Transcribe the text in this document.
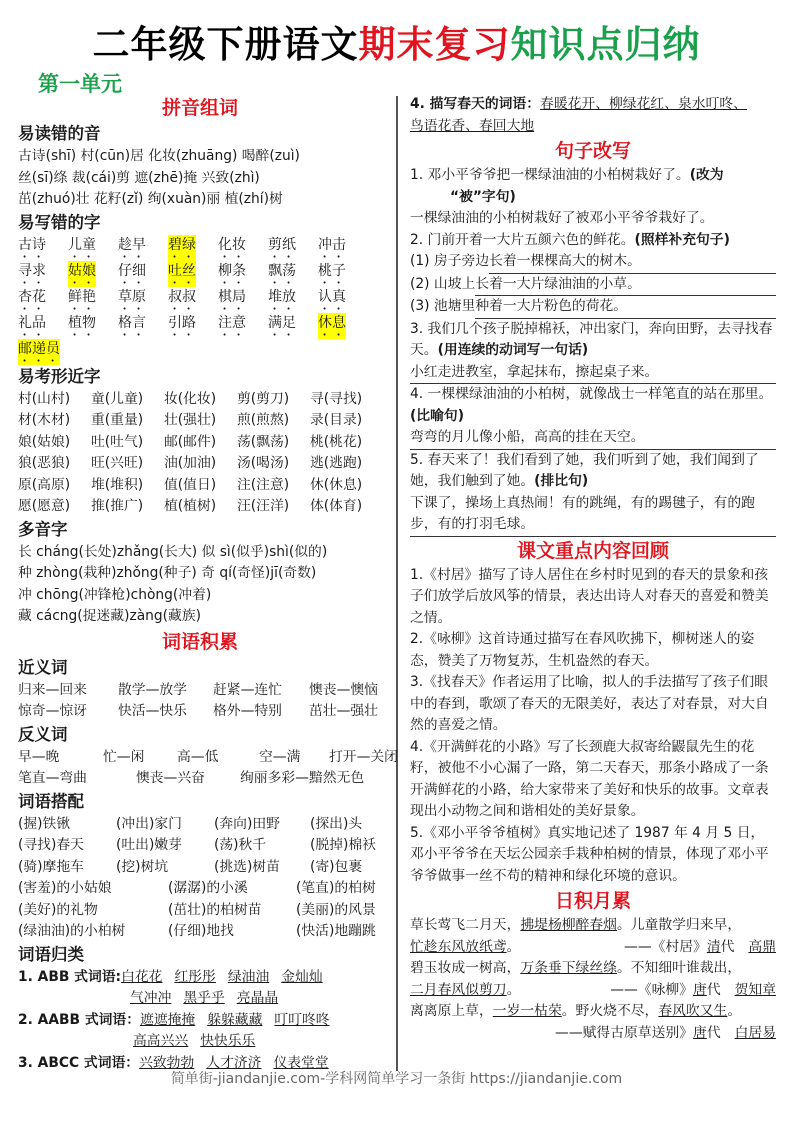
二年级下册语文期末复习知识点归纳
第一单元
拼音组词
易读错的音
古诗(shī) 村(cūn)居 化妆(zhuāng) 喝醉(zuì)
丝(sī)绦 裁(cái)剪 遮(zhē)掩 兴致(zhì)
茁(zhuó)壮 花籽(zǐ) 绚(xuàn)丽 植(zhí)树
易写错的字
古诗	儿童	趁早	碧绿	化妆	剪纸	冲击
寻求	姑娘	仔细	吐丝	柳条	飘荡	桃子
杏花	鲜艳	草原	叔叔	棋局	堆放	认真
礼品	植物	格言	引路	注意	满足	休息
邮递员
易考形近字
村(山村)	童(儿童)	妆(化妆)	剪(剪刀)	寻(寻找)
材(木材)	重(重量)	壮(强壮)	煎(煎熬)	录(目录)
娘(姑娘)	吐(吐气)	邮(邮件)	荡(飘荡)	桃(桃花)
狼(恶狼)	旺(兴旺)	油(加油)	汤(喝汤)	逃(逃跑)
原(高原)	堆(堆积)	值(值日)	注(注意)	休(休息)
愿(愿意)	推(推广)	植(植树)	汪(汪洋)	体(体育)
多音字
长 cháng(长处)zhǎng(长大) 似 sì(似乎)shì(似的)
种 zhòng(栽种)zhǒng(种子) 奇 qí(奇怪)jī(奇数)
冲 chōng(冲锋枪)chòng(冲着)
藏 cácng(捉迷藏)zàng(藏族)
词语积累
近义词
归来—回来	散学—放学	赶紧—连忙	懊丧—懊恼
惊奇—惊讶	快活—快乐	格外—特别	茁壮—强壮
反义词
早—晚	忙—闲	高—低	空—满	打开—关闭
笔直—弯曲	懊丧—兴奋	绚丽多彩—黯然无色
词语搭配
(握)铁锹	(冲出)家门	(奔向)田野	(探出)头
(寻找)春天	(吐出)嫩芽	(荡)秋千	(脱掉)棉袄
(骑)摩拖车	(挖)树坑	(挑选)树苗	(寄)包裹
(害羞)的小姑娘	(潺潺)的小溪	(笔直)的柏树
(美好)的礼物	(茁壮)的柏树苗	(美丽)的风景
(绿油油)的小柏树	(仔细)地找	(快活)地蹦跳
词语归类
1. ABB 式词语:白花花 红彤彤 绿油油 金灿灿
气冲冲 黑乎乎 亮晶晶
2. AABB 式词语：遮遮掩掩 躲躲藏藏 叮叮咚咚
高高兴兴 快快乐乐
3. ABCC 式词语：兴致勃勃 人才济济 仪表堂堂
4. 描写春天的词语：春暖花开、柳绿花红、泉水叮咚、
鸟语花香、春回大地
句子改写
1. 邓小平爷爷把一棵绿油油的小柏树栽好了。(改为
“被”字句)
一棵绿油油的小柏树栽好了被邓小平爷爷栽好了。
2. 门前开着一大片五颜六色的鲜花。(照样补充句子)
(1) 房子旁边 长着一棵棵高大的树木。
(2) 山坡上 长着一大片绿油油的小草。
(3) 池塘里 种着一大片粉色的荷花。
3. 我们几个孩子脱掉棉袄，冲出家门，奔向田野，去寻找春天。(用连续的动词写一句话)
小红走进教室，拿起抹布，擦起桌子来。
4. 一棵棵绿油油的小柏树，就像战士一样笔直的站在那里。(比喻句)
弯弯的月儿像小船，高高的挂在天空。
5. 春天来了！我们看到了她，我们听到了她，我们闻到了她，我们触到了她。(排比句)
下课了，操场上真热闹！有的跳绳，有的踢毽子，有的跑步，有的打羽毛球。
课文重点内容回顾
1.《村居》描写了诗人居住在乡村时见到的春天的景象和孩子们放学后放风筝的情景，表达出诗人对春天的喜爱和赞美之情。
2.《咏柳》这首诗通过描写在春风吹拂下，柳树迷人的姿态，赞美了万物复苏，生机盎然的春天。
3.《找春天》作者运用了比喻，拟人的手法描写了孩子们眼中的春到，歌颂了春天的无限美好，表达了对春景，对大自然的喜爱之情。
4.《开满鲜花的小路》写了长颈鹿大叔寄给鼹鼠先生的花籽，被他不小心漏了一路，第二天春天，那条小路成了一条开满鲜花的小路，给大家带来了美好和快乐的故事。文章表现出小动物之间和谐相处的美好景象。
5.《邓小平爷爷植树》真实地记述了 1987 年 4 月 5 日，邓小平爷爷在天坛公园亲手栽种柏树的情景，体现了邓小平爷爷做事一丝不苟的精神和绿化环境的意识。
日积月累
草长莺飞二月天，拂堤杨柳醉春烟。儿童散学归来早，
忙趁东风放纸鸢 。	——《村居》 清 代 高鼎
碧玉妆成一树高，万条垂下绿丝绦。不知细叶谁裁出，
二月春风似剪刀 。	——《咏柳》 唐 代 贺知章
离离原上草，一岁一枯荣。野火烧不尽，春风吹又生。
——赋得古原草送别》 唐 代 白居易
简单街-jiandanjie.com-学科网简单学习一条街 https://jiandanjie.com
